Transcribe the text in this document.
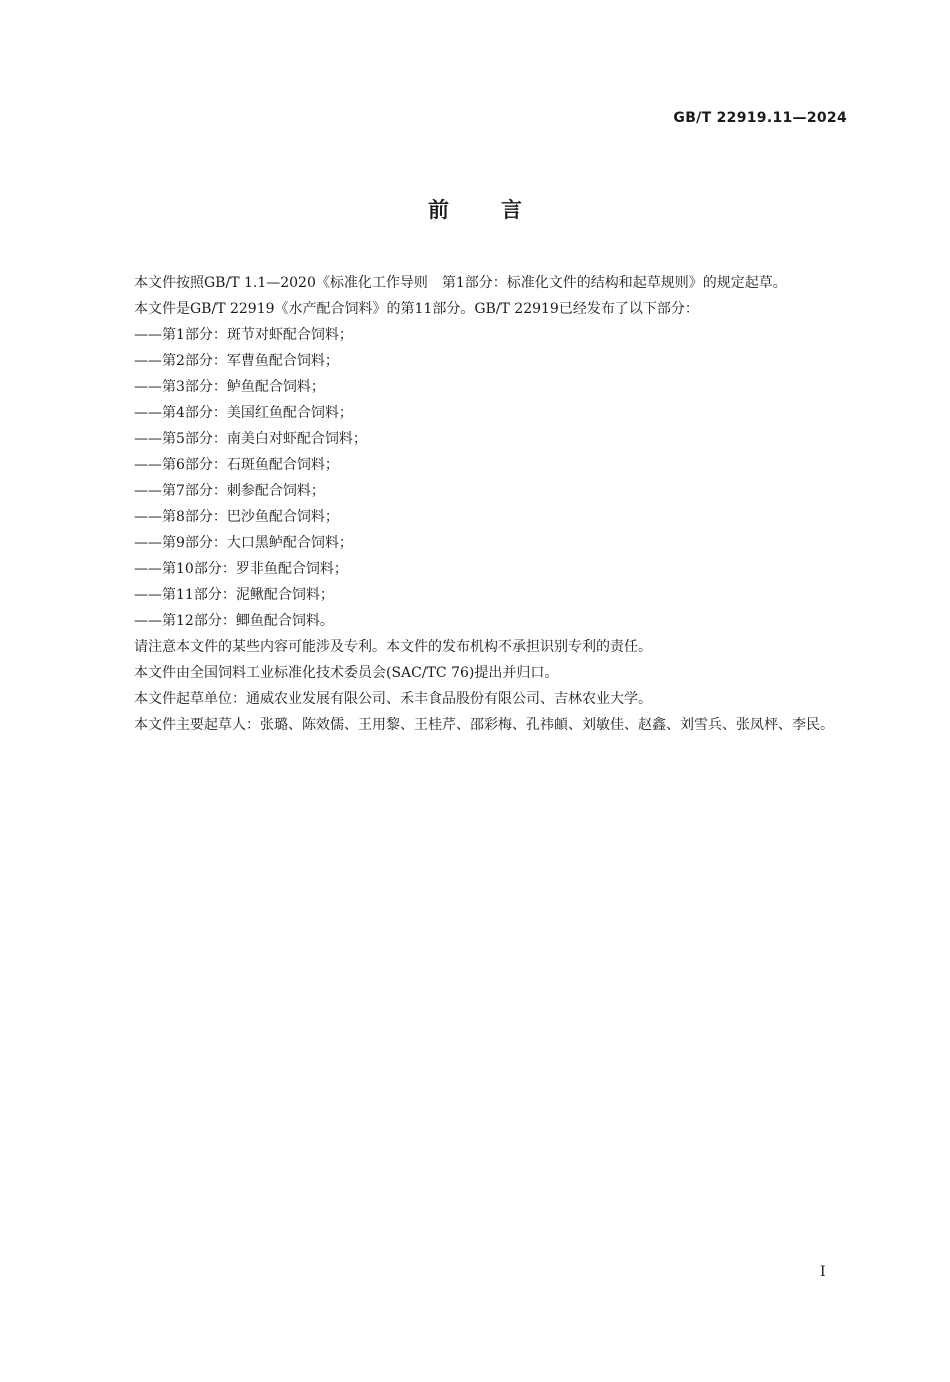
GB/T 22919.11—2024
前言

本文件按照GB/T 1.1—2020《标准化工作导则　第1部分：标准化文件的结构和起草规则》的规定起草。

本文件是GB/T 22919《水产配合饲料》的第11部分。GB/T 22919已经发布了以下部分：

——第1部分：斑节对虾配合饲料；
——第2部分：军曹鱼配合饲料；
——第3部分：鲈鱼配合饲料；
——第4部分：美国红鱼配合饲料；
——第5部分：南美白对虾配合饲料；
——第6部分：石斑鱼配合饲料；
——第7部分：刺参配合饲料；
——第8部分：巴沙鱼配合饲料；
——第9部分：大口黑鲈配合饲料；
——第10部分：罗非鱼配合饲料；
——第11部分：泥鳅配合饲料；
——第12部分：鲫鱼配合饲料。

请注意本文件的某些内容可能涉及专利。本文件的发布机构不承担识别专利的责任。

本文件由全国饲料工业标准化技术委员会(SAC/TC 76)提出并归口。

本文件起草单位：通威农业发展有限公司、禾丰食品股份有限公司、吉林农业大学。

本文件主要起草人：张璐、陈效儒、王用黎、王桂芹、邵彩梅、孔祎頔、刘敏佳、赵鑫、刘雪兵、张凤枰、李民。

I
